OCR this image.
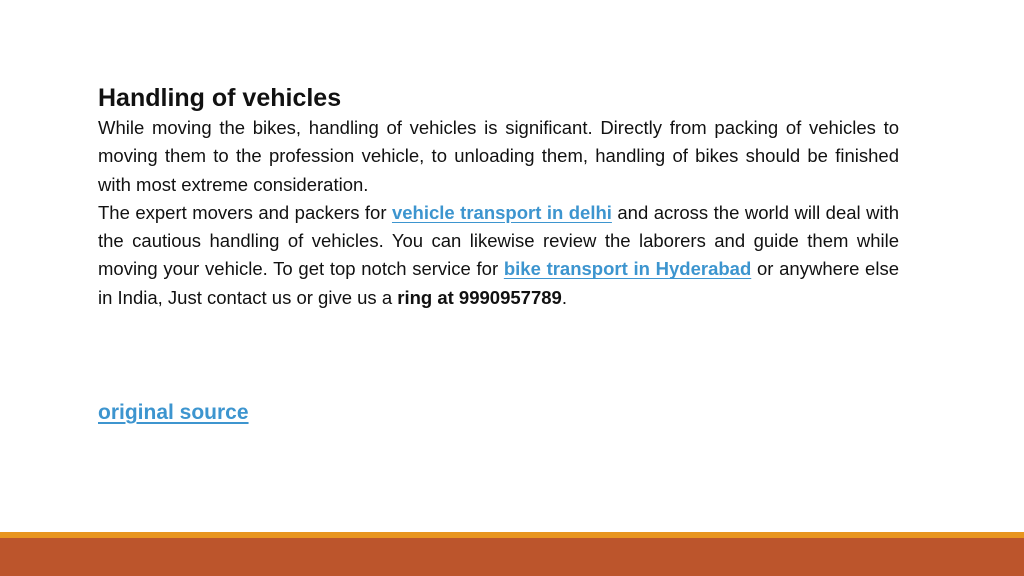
Handling of vehicles

While moving the bikes, handling of vehicles is significant. Directly from packing of vehicles to moving them to the profession vehicle, to unloading them, handling of bikes should be finished with most extreme consideration.

The expert movers and packers for vehicle transport in delhi and across the world will deal with the cautious handling of vehicles. You can likewise review the laborers and guide them while moving your vehicle. To get top notch service for bike transport in Hyderabad or anywhere else in India, Just contact us or give us a ring at 9990957789.

original source
